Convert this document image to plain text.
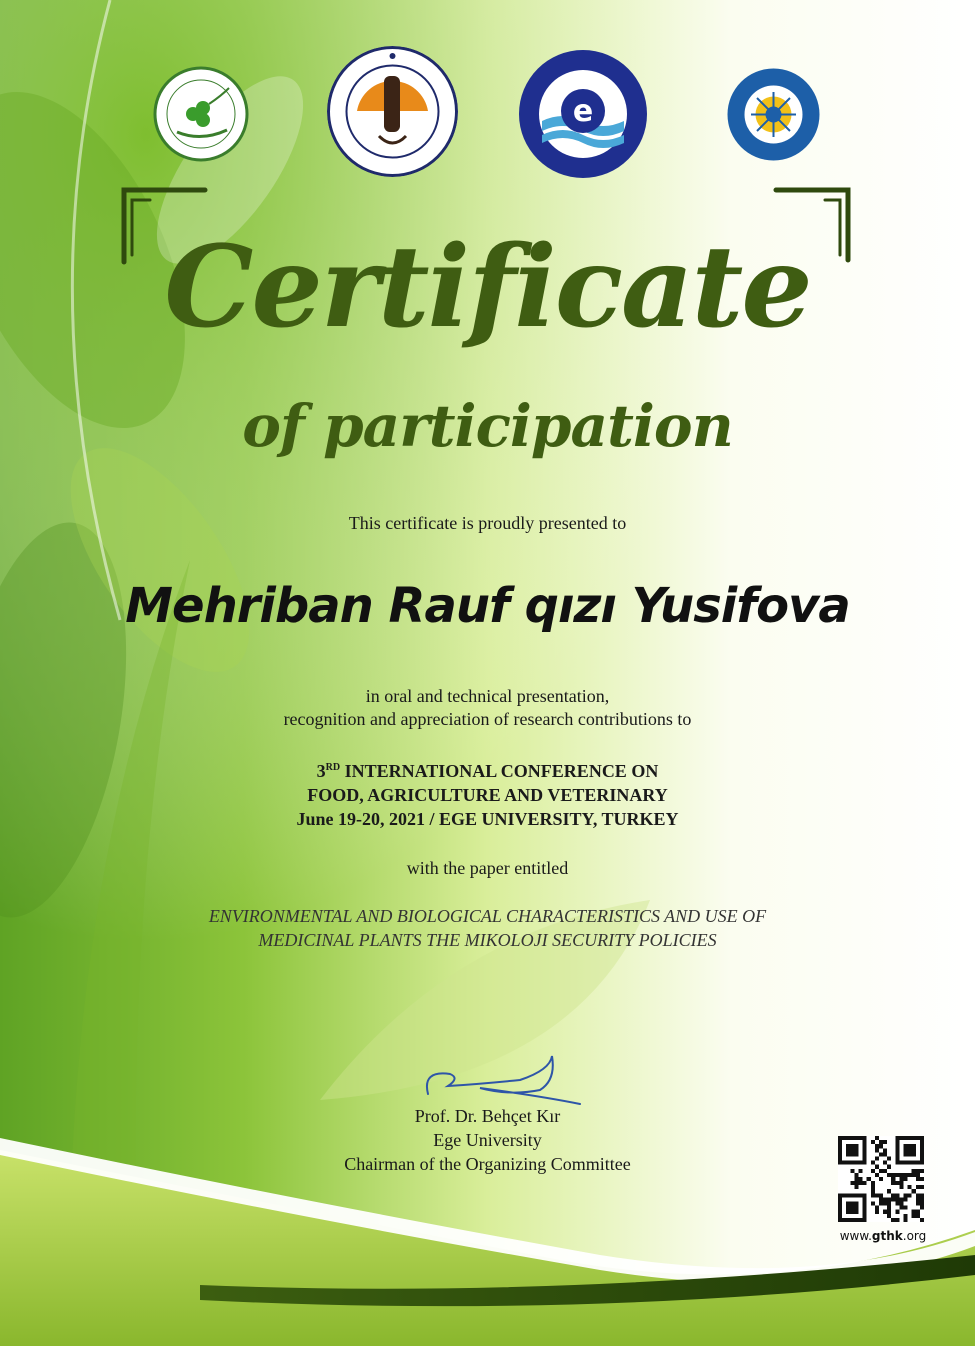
e
Certificate
of participation
This certificate is proudly presented to
Mehriban Rauf qızı Yusifova
in oral and technical presentation,
recognition and appreciation of research contributions to
3RD INTERNATIONAL CONFERENCE ON
FOOD, AGRICULTURE AND VETERINARY
June 19-20, 2021 / EGE UNIVERSITY, TURKEY
with the paper entitled
ENVIRONMENTAL AND BIOLOGICAL CHARACTERISTICS AND USE OF
MEDICINAL PLANTS THE MIKOLOJI SECURITY POLICIES
Prof. Dr. Behçet Kır
Ege University
Chairman of the Organizing Committee
www.gthk.org
